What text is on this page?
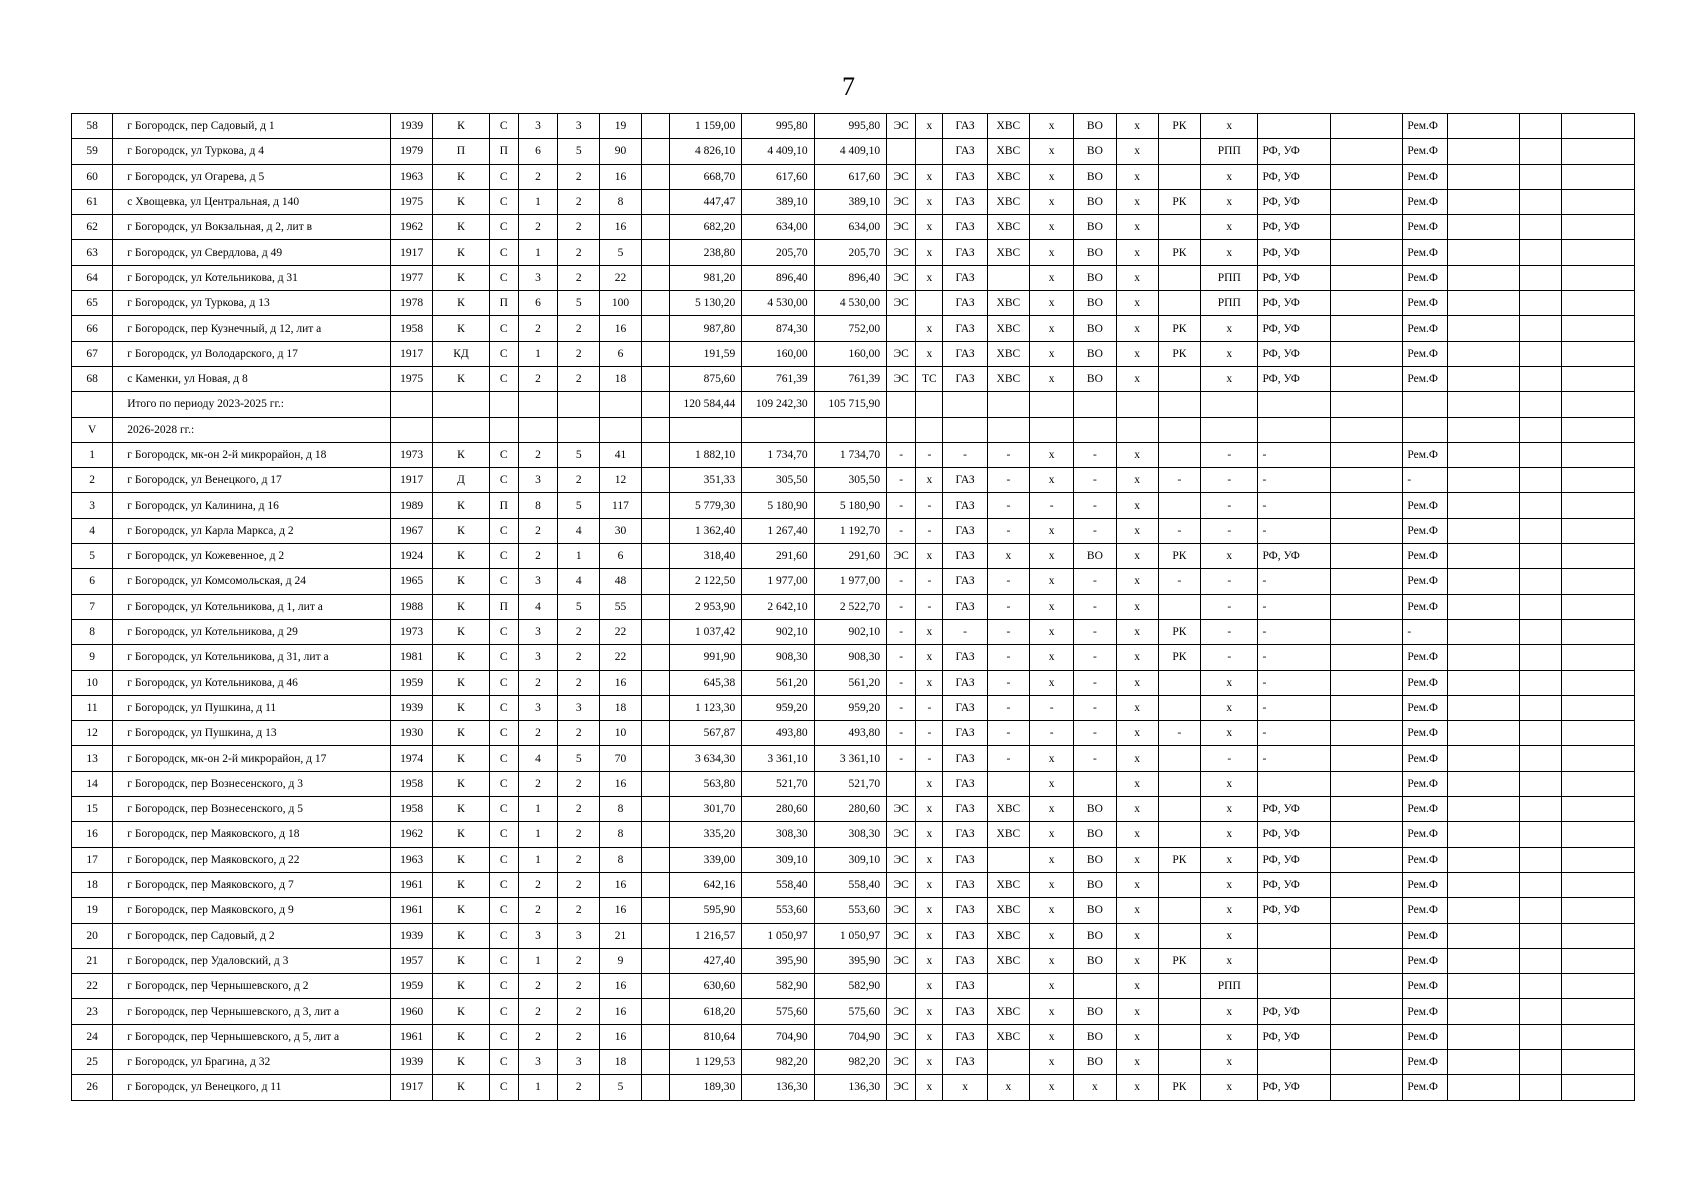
7
58	г Богородск, пер Садовый, д 1	1939	К	С	3	3	19		1 159,00	995,80	995,80	ЭС	х	ГАЗ	ХВС	х	ВО	х	РК	х			Рем.Ф			
59	г Богородск, ул Туркова, д 4	1979	П	П	6	5	90		4 826,10	4 409,10	4 409,10			ГАЗ	ХВС	х	ВО	х		РПП	РФ, УФ		Рем.Ф			
60	г Богородск, ул Огарева, д 5	1963	К	С	2	2	16		668,70	617,60	617,60	ЭС	х	ГАЗ	ХВС	х	ВО	х		х	РФ, УФ		Рем.Ф			
61	с Хвощевка, ул Центральная, д 140	1975	К	С	1	2	8		447,47	389,10	389,10	ЭС	х	ГАЗ	ХВС	х	ВО	х	РК	х	РФ, УФ		Рем.Ф			
62	г Богородск, ул Вокзальная, д 2, лит в	1962	К	С	2	2	16		682,20	634,00	634,00	ЭС	х	ГАЗ	ХВС	х	ВО	х		х	РФ, УФ		Рем.Ф			
63	г Богородск, ул Свердлова, д 49	1917	К	С	1	2	5		238,80	205,70	205,70	ЭС	х	ГАЗ	ХВС	х	ВО	х	РК	х	РФ, УФ		Рем.Ф			
64	г Богородск, ул Котельникова, д 31	1977	К	С	3	2	22		981,20	896,40	896,40	ЭС	х	ГАЗ		х	ВО	х		РПП	РФ, УФ		Рем.Ф			
65	г Богородск, ул Туркова, д 13	1978	К	П	6	5	100		5 130,20	4 530,00	4 530,00	ЭС		ГАЗ	ХВС	х	ВО	х		РПП	РФ, УФ		Рем.Ф			
66	г Богородск, пер Кузнечный, д 12, лит а	1958	К	С	2	2	16		987,80	874,30	752,00		х	ГАЗ	ХВС	х	ВО	х	РК	х	РФ, УФ		Рем.Ф			
67	г Богородск, ул Володарского, д 17	1917	КД	С	1	2	6		191,59	160,00	160,00	ЭС	х	ГАЗ	ХВС	х	ВО	х	РК	х	РФ, УФ		Рем.Ф			
68	с Каменки, ул Новая, д 8	1975	К	С	2	2	18		875,60	761,39	761,39	ЭС	ТС	ГАЗ	ХВС	х	ВО	х		х	РФ, УФ		Рем.Ф			
	Итого по периоду 2023-2025 гг.:								120 584,44	109 242,30	105 715,90															
V	2026-2028 гг.:																									
1	г Богородск, мк-он 2-й микрорайон, д 18	1973	К	С	2	5	41		1 882,10	1 734,70	1 734,70	-	-	-	-	х	-	х		-	-		Рем.Ф			
2	г Богородск, ул Венецкого, д 17	1917	Д	С	3	2	12		351,33	305,50	305,50	-	х	ГАЗ	-	х	-	х	-	-	-		-			
3	г Богородск, ул Калинина, д 16	1989	К	П	8	5	117		5 779,30	5 180,90	5 180,90	-	-	ГАЗ	-	-	-	х		-	-		Рем.Ф			
4	г Богородск, ул Карла Маркса, д 2	1967	К	С	2	4	30		1 362,40	1 267,40	1 192,70	-	-	ГАЗ	-	х	-	х	-	-	-		Рем.Ф			
5	г Богородск, ул Кожевенное, д 2	1924	К	С	2	1	6		318,40	291,60	291,60	ЭС	х	ГАЗ	х	х	ВО	х	РК	х	РФ, УФ		Рем.Ф			
6	г Богородск, ул Комсомольская, д 24	1965	К	С	3	4	48		2 122,50	1 977,00	1 977,00	-	-	ГАЗ	-	х	-	х	-	-	-		Рем.Ф			
7	г Богородск, ул Котельникова, д 1, лит а	1988	К	П	4	5	55		2 953,90	2 642,10	2 522,70	-	-	ГАЗ	-	х	-	х		-	-		Рем.Ф			
8	г Богородск, ул Котельникова, д 29	1973	К	С	3	2	22		1 037,42	902,10	902,10	-	х	-	-	х	-	х	РК	-	-		-			
9	г Богородск, ул Котельникова, д 31, лит а	1981	К	С	3	2	22		991,90	908,30	908,30	-	х	ГАЗ	-	х	-	х	РК	-	-		Рем.Ф			
10	г Богородск, ул Котельникова, д 46	1959	К	С	2	2	16		645,38	561,20	561,20	-	х	ГАЗ	-	х	-	х		х	-		Рем.Ф			
11	г Богородск, ул Пушкина, д 11	1939	К	С	3	3	18		1 123,30	959,20	959,20	-	-	ГАЗ	-	-	-	х		х	-		Рем.Ф			
12	г Богородск, ул Пушкина, д 13	1930	К	С	2	2	10		567,87	493,80	493,80	-	-	ГАЗ	-	-	-	х	-	х	-		Рем.Ф			
13	г Богородск, мк-он 2-й микрорайон, д 17	1974	К	С	4	5	70		3 634,30	3 361,10	3 361,10	-	-	ГАЗ	-	х	-	х		-	-		Рем.Ф			
14	г Богородск, пер Вознесенского, д 3	1958	К	С	2	2	16		563,80	521,70	521,70		х	ГАЗ		х		х		х			Рем.Ф			
15	г Богородск, пер Вознесенского, д 5	1958	К	С	1	2	8		301,70	280,60	280,60	ЭС	х	ГАЗ	ХВС	х	ВО	х		х	РФ, УФ		Рем.Ф			
16	г Богородск, пер Маяковского, д 18	1962	К	С	1	2	8		335,20	308,30	308,30	ЭС	х	ГАЗ	ХВС	х	ВО	х		х	РФ, УФ		Рем.Ф			
17	г Богородск, пер Маяковского, д 22	1963	К	С	1	2	8		339,00	309,10	309,10	ЭС	х	ГАЗ		х	ВО	х	РК	х	РФ, УФ		Рем.Ф			
18	г Богородск, пер Маяковского, д 7	1961	К	С	2	2	16		642,16	558,40	558,40	ЭС	х	ГАЗ	ХВС	х	ВО	х		х	РФ, УФ		Рем.Ф			
19	г Богородск, пер Маяковского, д 9	1961	К	С	2	2	16		595,90	553,60	553,60	ЭС	х	ГАЗ	ХВС	х	ВО	х		х	РФ, УФ		Рем.Ф			
20	г Богородск, пер Садовый, д 2	1939	К	С	3	3	21		1 216,57	1 050,97	1 050,97	ЭС	х	ГАЗ	ХВС	х	ВО	х		х			Рем.Ф			
21	г Богородск, пер Удаловский, д 3	1957	К	С	1	2	9		427,40	395,90	395,90	ЭС	х	ГАЗ	ХВС	х	ВО	х	РК	х			Рем.Ф			
22	г Богородск, пер Чернышевского, д 2	1959	К	С	2	2	16		630,60	582,90	582,90		х	ГАЗ		х		х		РПП			Рем.Ф			
23	г Богородск, пер Чернышевского, д 3, лит а	1960	К	С	2	2	16		618,20	575,60	575,60	ЭС	х	ГАЗ	ХВС	х	ВО	х		х	РФ, УФ		Рем.Ф			
24	г Богородск, пер Чернышевского, д 5, лит а	1961	К	С	2	2	16		810,64	704,90	704,90	ЭС	х	ГАЗ	ХВС	х	ВО	х		х	РФ, УФ		Рем.Ф			
25	г Богородск, ул Брагина, д 32	1939	К	С	3	3	18		1 129,53	982,20	982,20	ЭС	х	ГАЗ		х	ВО	х		х			Рем.Ф			
26	г Богородск, ул Венецкого, д 11	1917	К	С	1	2	5		189,30	136,30	136,30	ЭС	х	х	х	х	х	х	РК	х	РФ, УФ		Рем.Ф			
